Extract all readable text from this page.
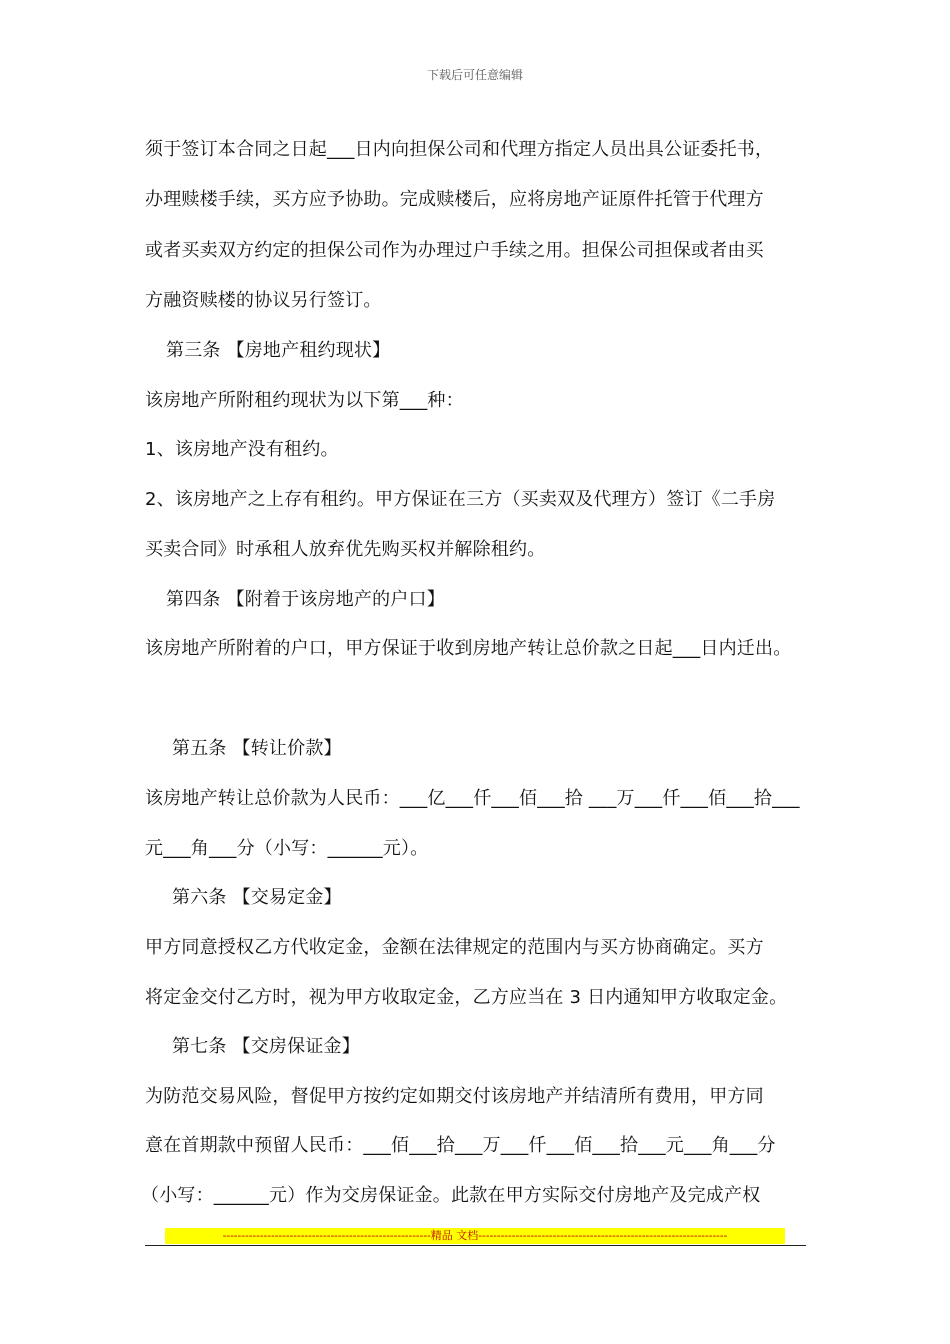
下载后可任意编辑
须于签订本合同之日起___日内向担保公司和代理方指定人员出具公证委托书，
办理赎楼手续，买方应予协助。完成赎楼后，应将房地产证原件托管于代理方
或者买卖双方约定的担保公司作为办理过户手续之用。担保公司担保或者由买
方融资赎楼的协议另行签订。
第三条 【房地产租约现状】
该房地产所附租约现状为以下第___种：
1、该房地产没有租约。
2、该房地产之上存有租约。甲方保证在三方（买卖双及代理方）签订《二手房
买卖合同》时承租人放弃优先购买权并解除租约。
第四条 【附着于该房地产的户口】
该房地产所附着的户口，甲方保证于收到房地产转让总价款之日起___日内迁出。
第五条 【转让价款】
该房地产转让总价款为人民币：___亿___仟___佰___拾 ___万___仟___佰___拾___
元___角___分（小写：______元）。
第六条 【交易定金】
甲方同意授权乙方代收定金，金额在法律规定的范围内与买方协商确定。买方
将定金交付乙方时，视为甲方收取定金，乙方应当在 3 日内通知甲方收取定金。
第七条 【交房保证金】
为防范交易风险，督促甲方按约定如期交付该房地产并结清所有费用，甲方同
意在首期款中预留人民币：___佰___拾___万___仟___佰___拾___元___角___分
（小写：______元）作为交房保证金。此款在甲方实际交付房地产及完成产权
--------------------------------------------------------精品 文档-------------------------------------------------------------------
